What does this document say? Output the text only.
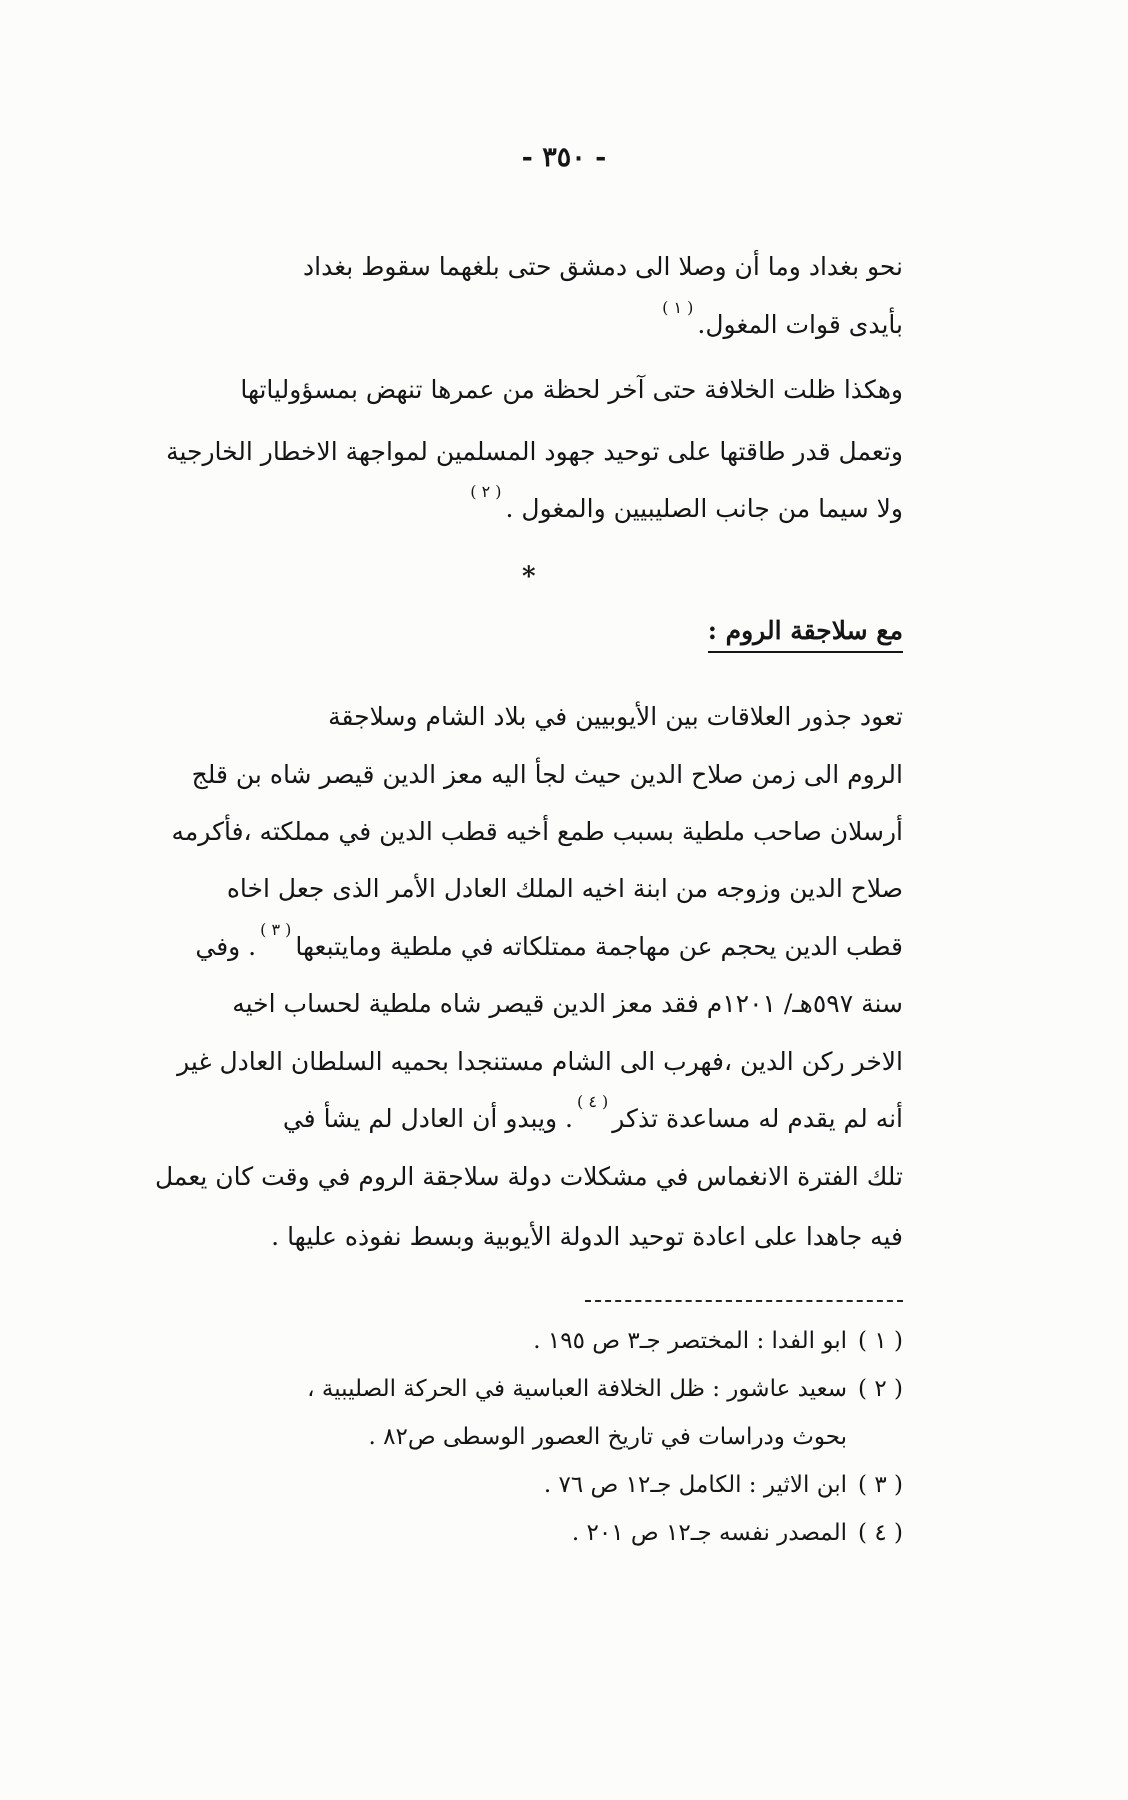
- ٣٥٠ -
نحو بغداد وما أن وصلا الى دمشق حتى بلغهما سقوط بغداد
بأيدى قوات المغول.$^{( ١ )}$
وهكذا ظلت الخلافة حتى آخر لحظة من عمرها تنهض بمسؤولياتها
وتعمل قدر طاقتها على توحيد جهود المسلمين لمواجهة الاخطار الخارجية
ولا سيما من جانب الصليبيين والمغول .$^{( ٢ )}$
*
مع سلاجقة الروم :
تعود جذور العلاقات بين الأيوبيين في بلاد الشام وسلاجقة
الروم الى زمن صلاح الدين حيث لجأ اليه معز الدين قيصر شاه بن قلج
أرسلان صاحب ملطية بسبب طمع أخيه قطب الدين في مملكته ،فأكرمه
صلاح الدين وزوجه من ابنة اخيه الملك العادل الأمر الذى جعل اخاه
قطب الدين يحجم عن مهاجمة ممتلكاته في ملطية ومايتبعها$^{( ٣ )}$. وفي
سنة ٥٩٧هـ/ ١٢٠١م فقد معز الدين قيصر شاه ملطية لحساب اخيه
الاخر ركن الدين ،فهرب الى الشام مستنجدا بحميه السلطان العادل غير
أنه لم يقدم له مساعدة تذكر$^{( ٤ )}$. ويبدو أن العادل لم يشأ في
تلك الفترة الانغماس في مشكلات دولة سلاجقة الروم في وقت كان يعمل
فيه جاهدا على اعادة توحيد الدولة الأيوبية وبسط نفوذه عليها .
( ١ )
ابو الفدا : المختصر جـ٣ ص ١٩٥ .
( ٢ )
سعيد عاشور : ظل الخلافة العباسية في الحركة الصليبية ،
بحوث ودراسات في تاريخ العصور الوسطى ص٨٢ .
( ٣ )
ابن الاثير : الكامل جـ١٢ ص ٧٦ .
( ٤ )
المصدر نفسه جـ١٢ ص ٢٠١ .
